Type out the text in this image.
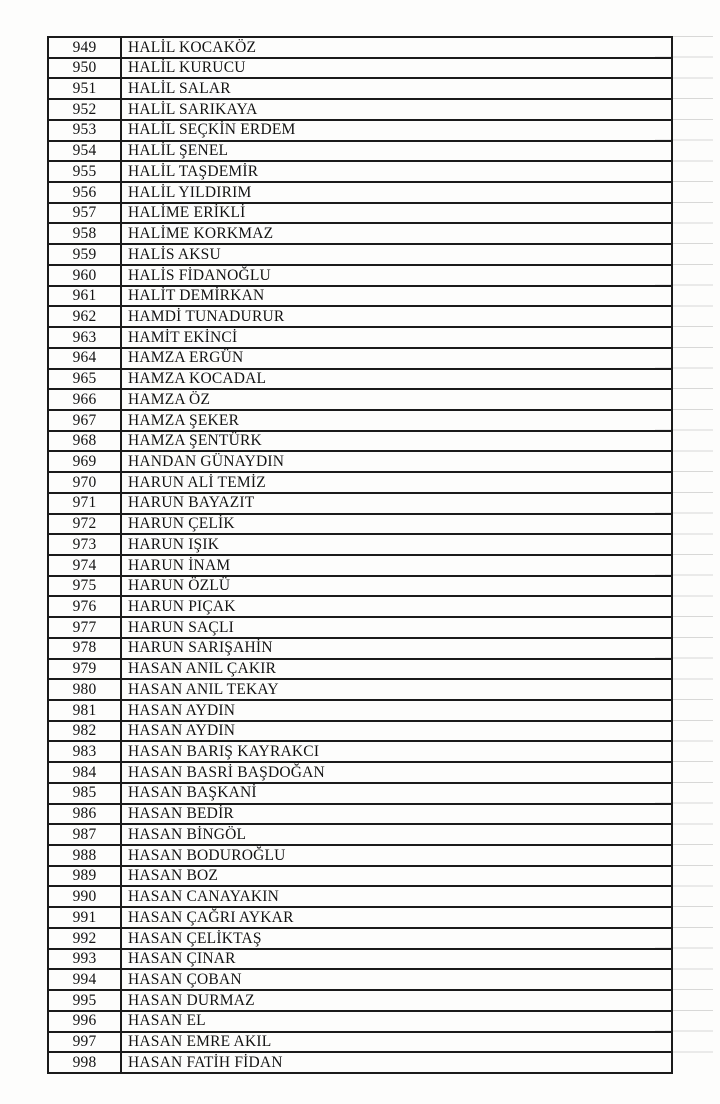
949	HALİL KOCAKÖZ
950	HALİL KURUCU
951	HALİL SALAR
952	HALİL SARIKAYA
953	HALİL SEÇKİN ERDEM
954	HALİL ŞENEL
955	HALİL TAŞDEMİR
956	HALİL YILDIRIM
957	HALİME ERİKLİ
958	HALİME KORKMAZ
959	HALİS AKSU
960	HALİS FİDANOĞLU
961	HALİT DEMİRKAN
962	HAMDİ TUNADURUR
963	HAMİT EKİNCİ
964	HAMZA ERGÜN
965	HAMZA KOCADAL
966	HAMZA ÖZ
967	HAMZA ŞEKER
968	HAMZA ŞENTÜRK
969	HANDAN GÜNAYDIN
970	HARUN ALİ TEMİZ
971	HARUN BAYAZIT
972	HARUN ÇELİK
973	HARUN IŞIK
974	HARUN İNAM
975	HARUN ÖZLÜ
976	HARUN PIÇAK
977	HARUN SAÇLI
978	HARUN SARIŞAHİN
979	HASAN ANIL ÇAKIR
980	HASAN ANIL TEKAY
981	HASAN AYDIN
982	HASAN AYDIN
983	HASAN BARIŞ KAYRAKCI
984	HASAN BASRİ BAŞDOĞAN
985	HASAN BAŞKANİ
986	HASAN BEDİR
987	HASAN BİNGÖL
988	HASAN BODUROĞLU
989	HASAN BOZ
990	HASAN CANAYAKIN
991	HASAN ÇAĞRI AYKAR
992	HASAN ÇELİKTAŞ
993	HASAN ÇINAR
994	HASAN ÇOBAN
995	HASAN DURMAZ
996	HASAN EL
997	HASAN EMRE AKIL
998	HASAN FATİH FİDAN
